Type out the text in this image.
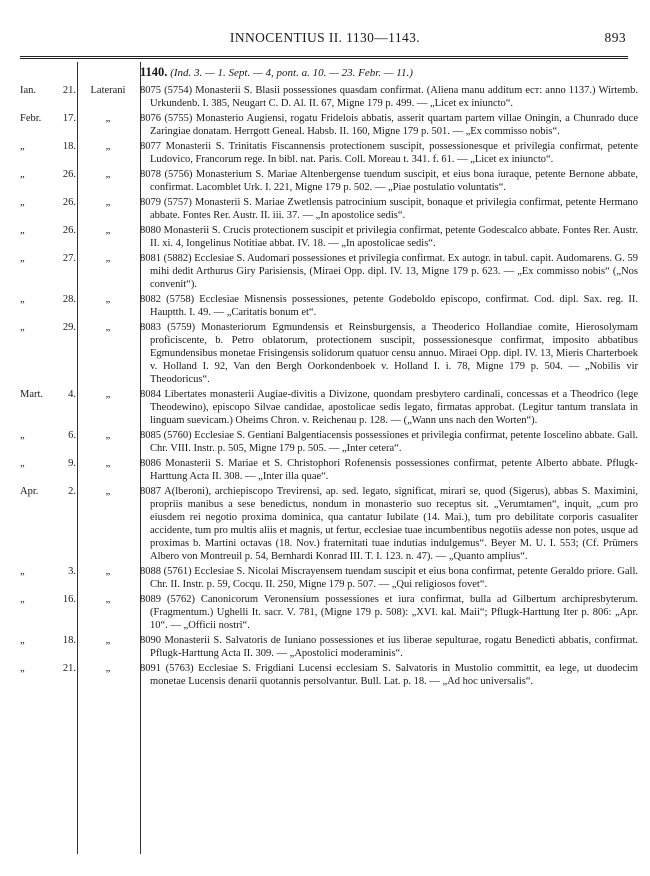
INNOCENTIUS II. 1130—1143.	893
1140. (Ind. 3. — 1. Sept. — 4, pont. a. 10. — 23. Febr. — 11.)
Ian.	21.	Laterani	8075 (5754) Monasterii S. Blasii possessiones quasdam confirmat. (Aliena manu additum eст: anno 1137.) Wirtemb. Urkundenb. I. 385, Neugart C. D. Al. II. 67, Migne 179 p. 499. — „Licet ex iniuncto“.
Febr.	17.	„	8076 (5755) Monasterio Augiensi, rogatu Fridelois abbatis, asserit quartam partem villae Oningin, a Chunrado duce Zaringiae donatam. Herrgott Geneal. Habsb. II. 160, Migne 179 p. 501. — „Ex commisso nobis“.
„	18.	„	8077 Monasterii S. Trinitatis Fiscannensis protectionem suscipit, possessionesque et privilegia confirmat, petente Ludovico, Francorum rege. In bibl. nat. Paris. Coll. Moreau t. 341. f. 61. — „Licet ex iniuncto“.
„	26.	„	8078 (5756) Monasterium S. Mariae Altenbergense tuendum suscipit, et eius bona iuraque, petente Bernone abbate, confirmat. Lacomblet Urk. I. 221, Migne 179 p. 502. — „Piae postulatio voluntatis“.
„	26.	„	8079 (5757) Monasterii S. Mariae Zwetlensis patrocinium suscipit, bonaque et privilegia confirmat, petente Hermano abbate. Fontes Rer. Austr. II. iii. 37. — „In apostolice sedis“.
„	26.	„	8080 Monasterii S. Crucis protectionem suscipit et privilegia confirmat, petente Godescalco abbate. Fontes Rer. Austr. II. xi. 4, Iongelinus Notitiae abbat. IV. 18. — „In apostolicae sedis“.
„	27.	„	8081 (5882) Ecclesiae S. Audomari possessiones et privilegia confirmat. Ex autogr. in tabul. capit. Audomarens. G. 59 mihi dedit Arthurus Giry Parisiensis, (Miraei Opp. dipl. IV. 13, Migne 179 p. 623. — „Ex commisso nobis“ („Nos convenit“).
„	28.	„	8082 (5758) Ecclesiae Misnensis possessiones, petente Godeboldo episcopo, confirmat. Cod. dipl. Sax. reg. II. Hauptth. I. 49. — „Caritatis bonum et“.
„	29.	„	8083 (5759) Monasteriorum Egmundensis et Reinsburgensis, a Theoderico Hollandiae comite, Hierosolymam proficiscente, b. Petro oblatorum, protectionem suscipit, possessionesque confirmat, imposito abbatibus Egmundensibus monetae Frisingensis solidorum quatuor censu annuo. Miraei Opp. dipl. IV. 13, Mieris Charterboek v. Holland I. 92, Van den Bergh Oorkondenboek v. Holland I. i. 78, Migne 179 p. 504. — „Nobilis vir Theodoricus“.
Mart.	4.	„	8084 Libertates monasterii Augiae-divitis a Divizone, quondam presbytero cardinali, concessas et a Theodrico (lege Theodewino), episcopo Silvae candidae, apostolicae sedis legato, firmatas approbat. (Legitur tantum translata in linguam suevicam.) Oheims Chron. v. Reichenau p. 128. — („Wann uns nach den Worten“).
„	6.	„	8085 (5760) Ecclesiae S. Gentiani Balgentiacensis possessiones et privilegia confirmat, petente Ioscelino abbate. Gall. Chr. VIII. Instr. p. 505, Migne 179 p. 505. — „Inter cetera“.
„	9.	„	8086 Monasterii S. Mariae et S. Christophori Rofenensis possessiones confirmat, petente Alberto abbate. Pflugk-Harttung Acta II. 308. — „Inter illa quae“.
Apr.	2.	„	8087 A(lberoni), archiepiscopo Trevirensi, ap. sed. legato, significat, mirari se, quod (Sigerus), abbas S. Maximini, propriis manibus a sese benedictus, nondum in monasterio suo receptus sit. „Verumtamen“, inquit, „cum pro eiusdem rei negotio proxima dominica, qua cantatur Iubilate (14. Mai.), tum pro debilitate corporis casualiter accidente, tum pro multis aliis et magnis, ut fertur, ecclesiae tuae incumbentibus negotiis adesse non potes, usque ad proximas b. Martini octavas (18. Nov.) fraternitati tuae indutias indulgemus“. Beyer M. U. I. 553; (Cf. Prümers Albero von Montreuil p. 54, Bernhardi Konrad III. T. I. 123. n. 47). — „Quanto amplius“.
„	3.	„	8088 (5761) Ecclesiae S. Nicolai Miscrayensem tuendam suscipit et eius bona confirmat, petente Geraldo priore. Gall. Chr. II. Instr. p. 59, Cocqu. II. 250, Migne 179 p. 507. — „Qui religiosos fovet“.
„	16.	„	8089 (5762) Canonicorum Veronensium possessiones et iura confirmat, bulla ad Gilbertum archipresbyterum. (Fragmentum.) Ughelli It. sacr. V. 781, (Migne 179 p. 508): „XVI. kal. Maii“; Pflugk-Harttung Iter p. 806: „Apr. 10“. — „Officii nostri“.
„	18.	„	8090 Monasterii S. Salvatoris de Iuniano possessiones et ius liberae sepulturae, rogatu Benedicti abbatis, confirmat. Pflugk-Harttung Acta II. 309. — „Apostolici moderaminis“.
„	21.	„	8091 (5763) Ecclesiae S. Frigdiani Lucensi ecclesiam S. Salvatoris in Mustolio committit, ea lege, ut duodecim monetae Lucensis denarii quotannis persolvantur. Bull. Lat. p. 18. — „Ad hoc universalis“.
